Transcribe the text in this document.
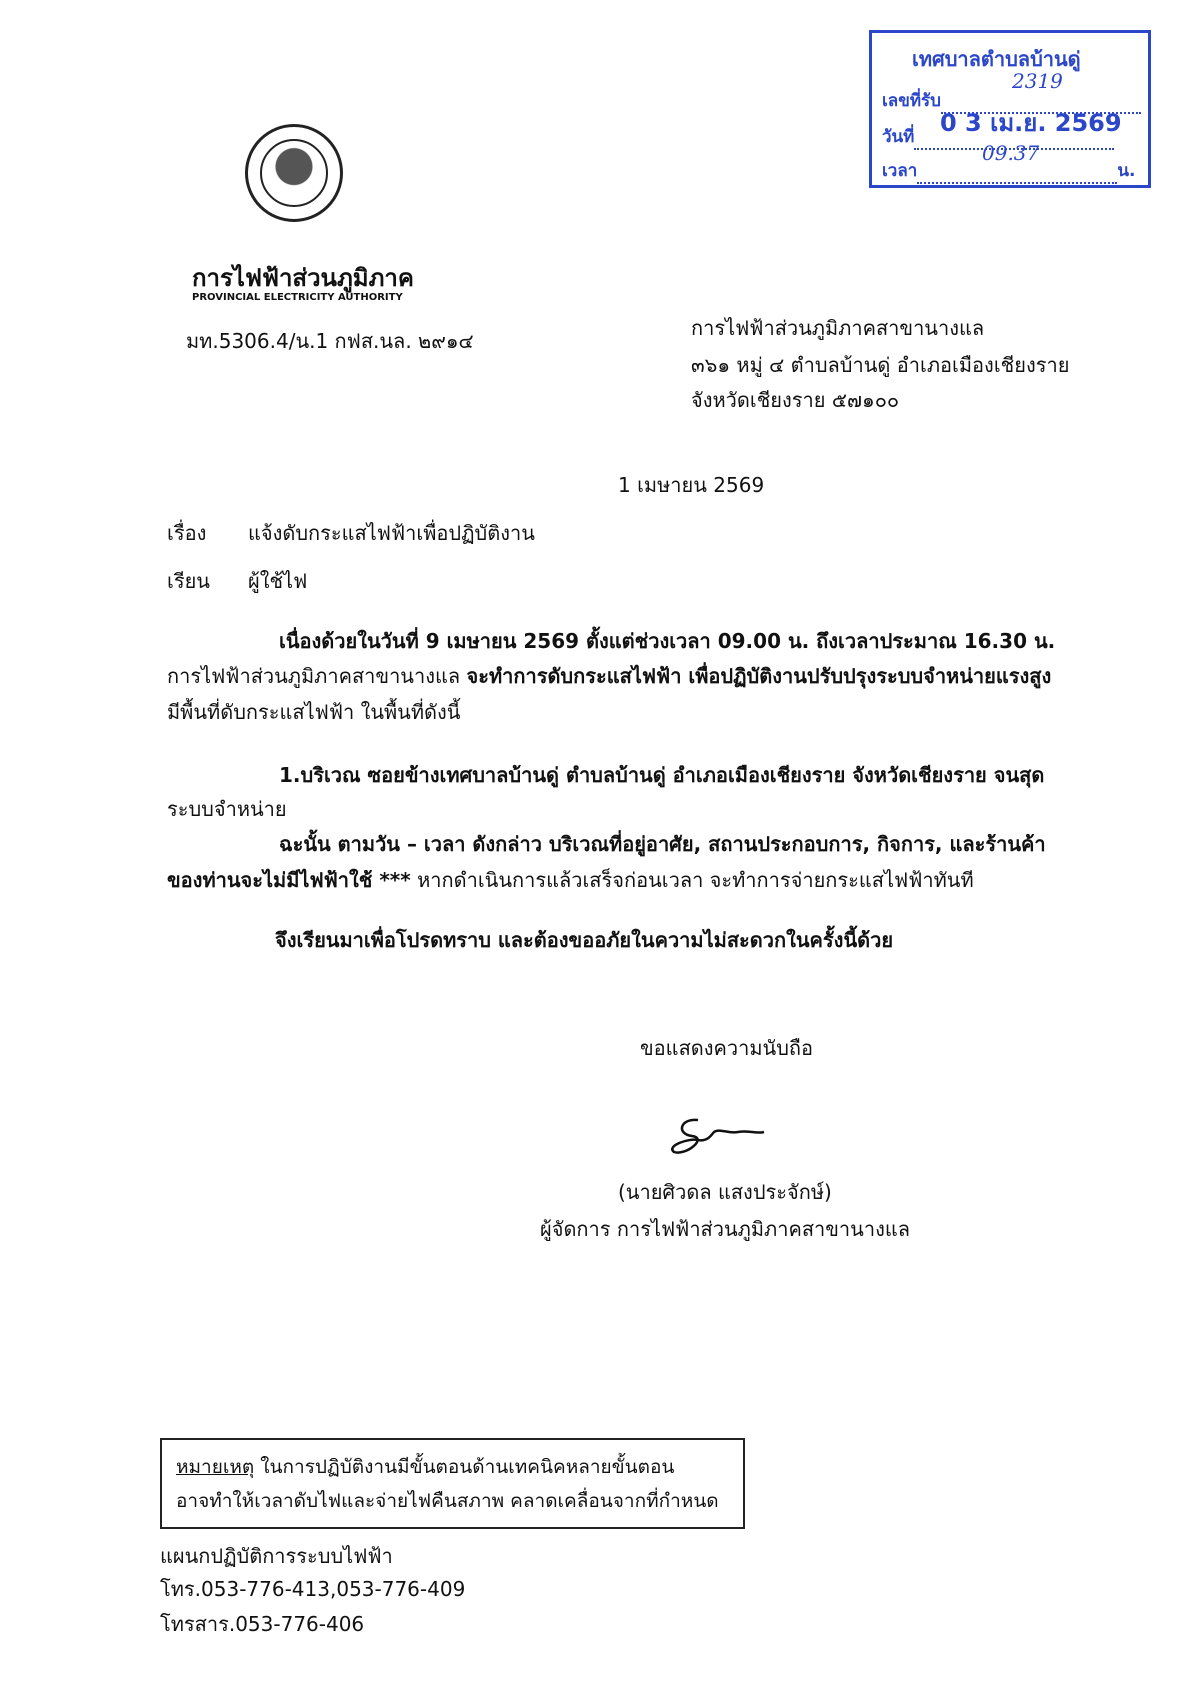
เทศบาลตำบลบ้านดู่
เลขที่รับ
2319
วันที่	0 3 เม.ย. 2569
เวลา	น.
09.37
การไฟฟ้าส่วนภูมิภาค
PROVINCIAL ELECTRICITY AUTHORITY
มท.5306.4/น.1 กฟส.นล. ๒๙๑๔
การไฟฟ้าส่วนภูมิภาคสาขานางแล
๓๖๑ หมู่ ๔ ตำบลบ้านดู่ อำเภอเมืองเชียงราย
จังหวัดเชียงราย ๕๗๑๐๐
1 เมษายน 2569
เรื่อง แจ้งดับกระแสไฟฟ้าเพื่อปฏิบัติงาน
เรียน ผู้ใช้ไฟ
เนื่องด้วยในวันที่ 9 เมษายน 2569 ตั้งแต่ช่วงเวลา 09.00 น. ถึงเวลาประมาณ 16.30 น.
การไฟฟ้าส่วนภูมิภาคสาขานางแล จะทำการดับกระแสไฟฟ้า เพื่อปฏิบัติงานปรับปรุงระบบจำหน่ายแรงสูง
มีพื้นที่ดับกระแสไฟฟ้า ในพื้นที่ดังนี้
1.บริเวณ ซอยข้างเทศบาลบ้านดู่ ตำบลบ้านดู่ อำเภอเมืองเชียงราย จังหวัดเชียงราย จนสุด
ระบบจำหน่าย
ฉะนั้น ตามวัน – เวลา ดังกล่าว บริเวณที่อยู่อาศัย, สถานประกอบการ, กิจการ, และร้านค้า
ของท่านจะไม่มีไฟฟ้าใช้ *** หากดำเนินการแล้วเสร็จก่อนเวลา จะทำการจ่ายกระแสไฟฟ้าทันที
จึงเรียนมาเพื่อโปรดทราบ และต้องขออภัยในความไม่สะดวกในครั้งนี้ด้วย
ขอแสดงความนับถือ
(นายศิวดล แสงประจักษ์)
ผู้จัดการ การไฟฟ้าส่วนภูมิภาคสาขานางแล
หมายเหตุ ในการปฏิบัติงานมีขั้นตอนด้านเทคนิคหลายขั้นตอน
อาจทำให้เวลาดับไฟและจ่ายไฟคืนสภาพ คลาดเคลื่อนจากที่กำหนด
แผนกปฏิบัติการระบบไฟฟ้า
โทร.053-776-413,053-776-409
โทรสาร.053-776-406
